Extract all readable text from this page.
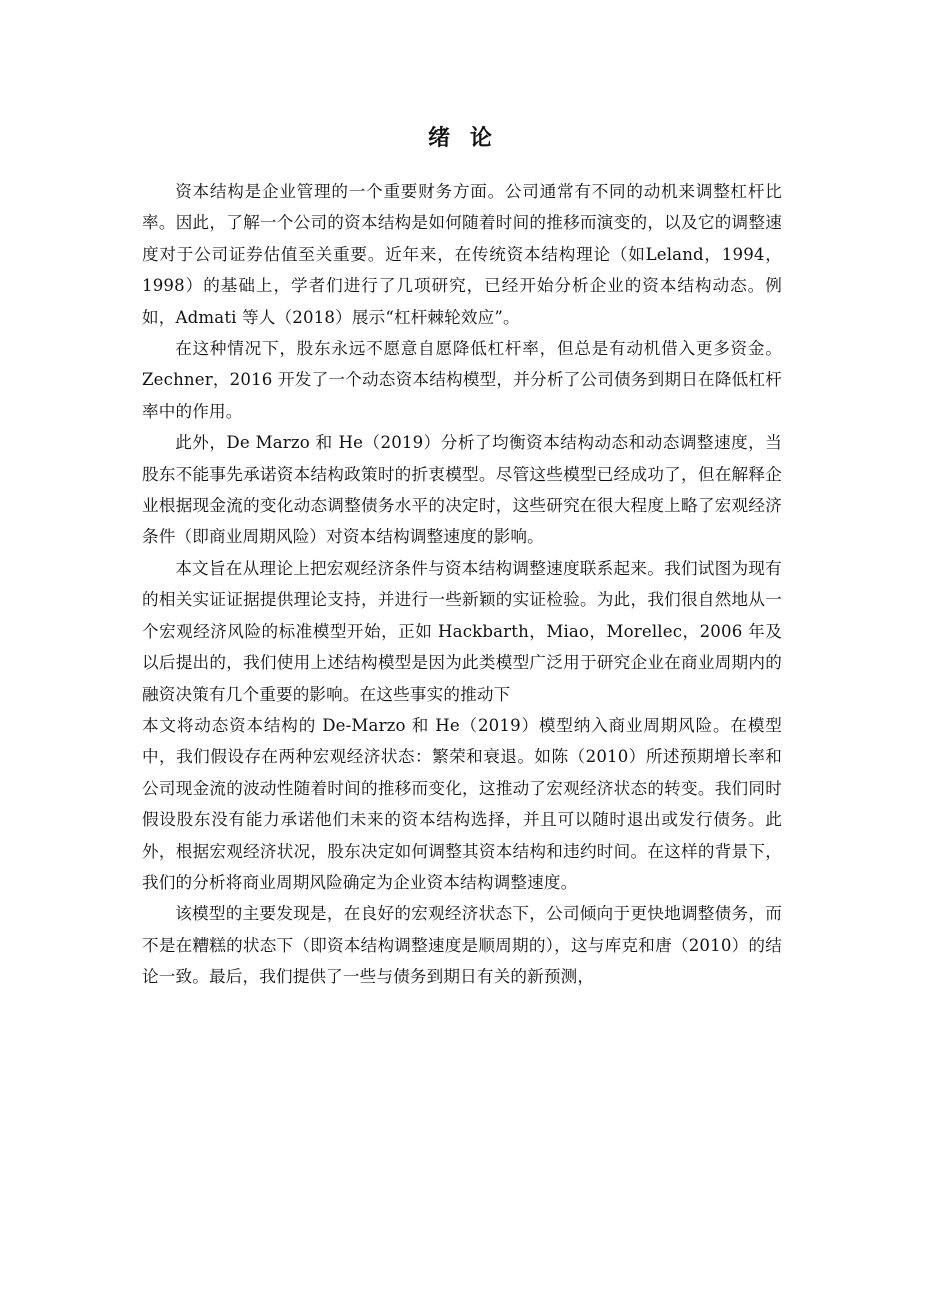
绪 论

资本结构是企业管理的一个重要财务方面。公司通常有不同的动机来调整杠杆比率。因此，了解一个公司的资本结构是如何随着时间的推移而演变的，以及它的调整速度对于公司证券估值至关重要。近年来，在传统资本结构理论（如Leland，1994，1998）的基础上，学者们进行了几项研究，已经开始分析企业的资本结构动态。例如，Admati 等人（2018）展示“杠杆棘轮效应”。

在这种情况下，股东永远不愿意自愿降低杠杆率，但总是有动机借入更多资金。Zechner，2016 开发了一个动态资本结构模型，并分析了公司债务到期日在降低杠杆率中的作用。

此外，De Marzo 和 He（2019）分析了均衡资本结构动态和动态调整速度，当股东不能事先承诺资本结构政策时的折衷模型。尽管这些模型已经成功了，但在解释企业根据现金流的变化动态调整债务水平的决定时，这些研究在很大程度上略了宏观经济条件（即商业周期风险）对资本结构调整速度的影响。

本文旨在从理论上把宏观经济条件与资本结构调整速度联系起来。我们试图为现有的相关实证证据提供理论支持，并进行一些新颖的实证检验。为此，我们很自然地从一个宏观经济风险的标准模型开始，正如 Hackbarth，Miao，Morellec，2006 年及以后提出的，我们使用上述结构模型是因为此类模型广泛用于研究企业在商业周期内的融资决策有几个重要的影响。在这些事实的推动下

本文将动态资本结构的 De-Marzo 和 He（2019）模型纳入商业周期风险。在模型中，我们假设存在两种宏观经济状态：繁荣和衰退。如陈（2010）所述预期增长率和公司现金流的波动性随着时间的推移而变化，这推动了宏观经济状态的转变。我们同时假设股东没有能力承诺他们未来的资本结构选择，并且可以随时退出或发行债务。此外，根据宏观经济状况，股东决定如何调整其资本结构和违约时间。在这样的背景下，我们的分析将商业周期风险确定为企业资本结构调整速度。

该模型的主要发现是，在良好的宏观经济状态下，公司倾向于更快地调整债务，而不是在糟糕的状态下（即资本结构调整速度是顺周期的），这与库克和唐（2010）的结论一致。最后，我们提供了一些与债务到期日有关的新预测，
